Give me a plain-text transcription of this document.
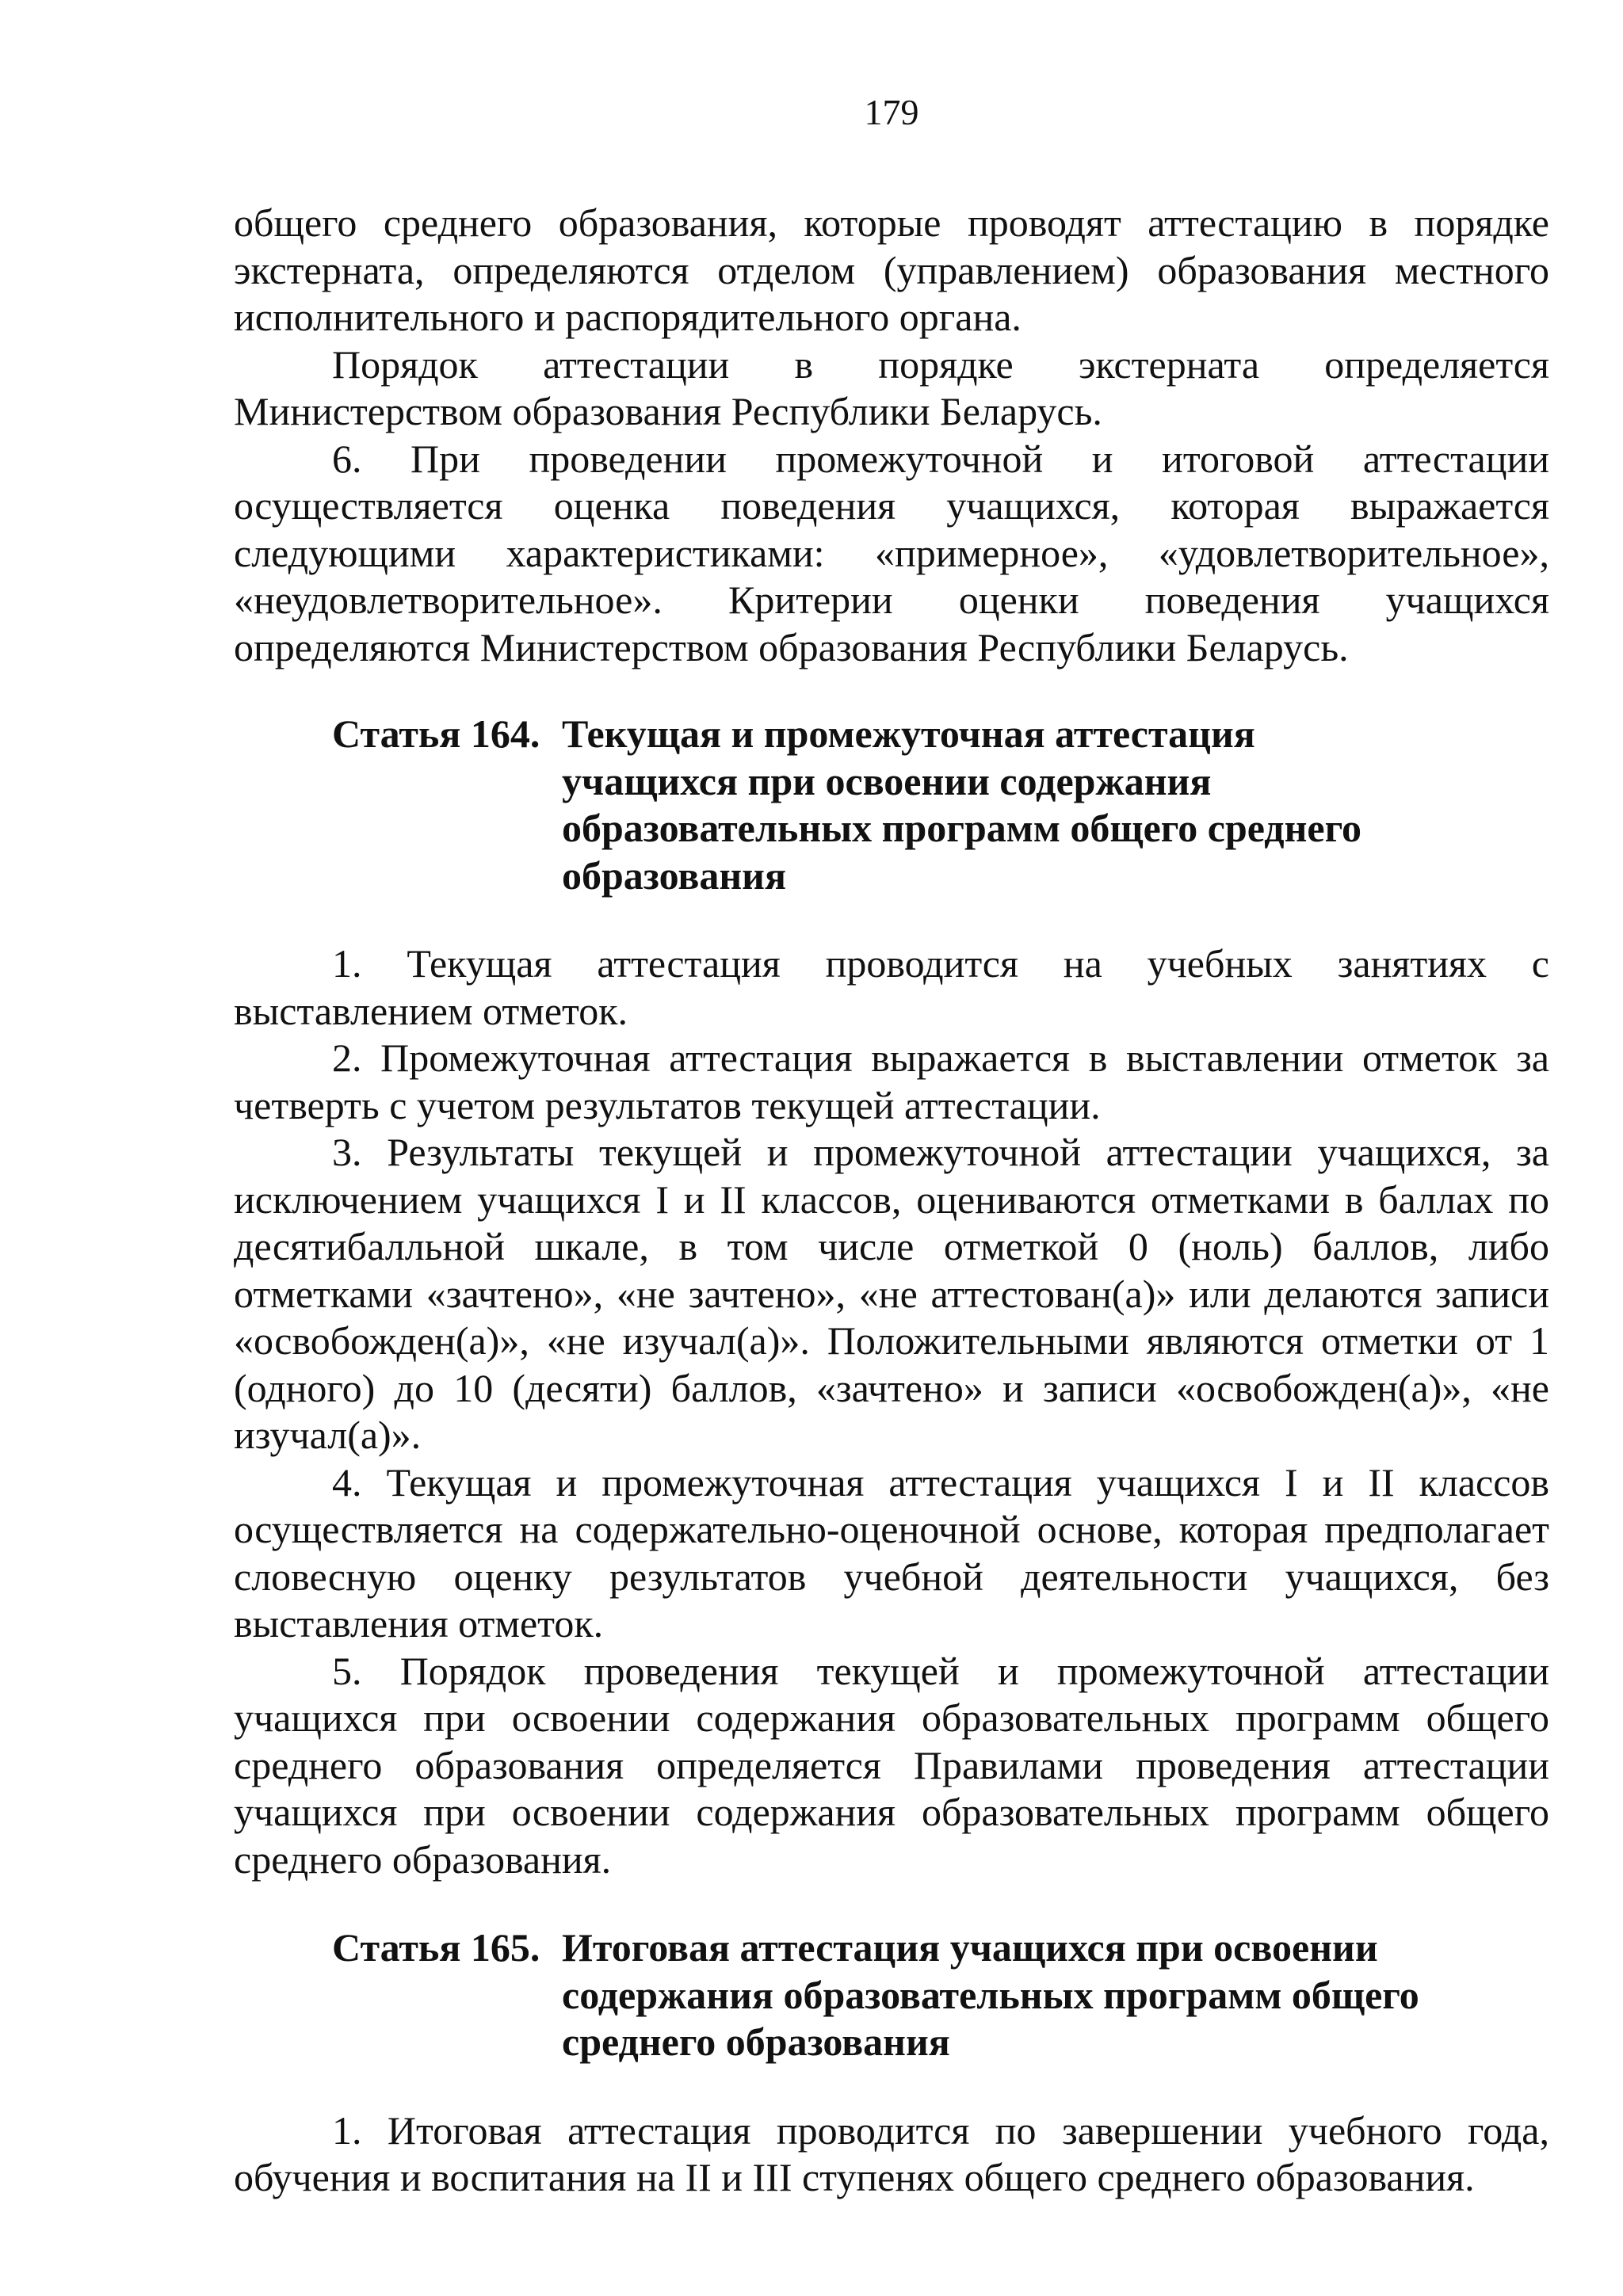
179

общего среднего образования, которые проводят аттестацию в порядке экстерната, определяются отделом (управлением) образования местного исполнительного и распорядительного органа.

Порядок аттестации в порядке экстерната определяется Министерством образования Республики Беларусь.

6. При проведении промежуточной и итоговой аттестации осуществляется оценка поведения учащихся, которая выражается следующими характеристиками: «примерное», «удовлетворительное», «неудовлетворительное». Критерии оценки поведения учащихся определяются Министерством образования Республики Беларусь.

Статья 164. Текущая и промежуточная аттестация учащихся при освоении содержания образовательных программ общего среднего образования

1. Текущая аттестация проводится на учебных занятиях с выставлением отметок.

2. Промежуточная аттестация выражается в выставлении отметок за четверть с учетом результатов текущей аттестации.

3. Результаты текущей и промежуточной аттестации учащихся, за исключением учащихся I и II классов, оцениваются отметками в баллах по десятибалльной шкале, в том числе отметкой 0 (ноль) баллов, либо отметками «зачтено», «не зачтено», «не аттестован(а)» или делаются записи «освобожден(а)», «не изучал(а)». Положительными являются отметки от 1 (одного) до 10 (десяти) баллов, «зачтено» и записи «освобожден(а)», «не изучал(а)».

4. Текущая и промежуточная аттестация учащихся I и II классов осуществляется на содержательно-оценочной основе, которая предполагает словесную оценку результатов учебной деятельности учащихся, без выставления отметок.

5. Порядок проведения текущей и промежуточной аттестации учащихся при освоении содержания образовательных программ общего среднего образования определяется Правилами проведения аттестации учащихся при освоении содержания образовательных программ общего среднего образования.

Статья 165. Итоговая аттестация учащихся при освоении содержания образовательных программ общего среднего образования

1. Итоговая аттестация проводится по завершении учебного года, обучения и воспитания на II и III ступенях общего среднего образования.
